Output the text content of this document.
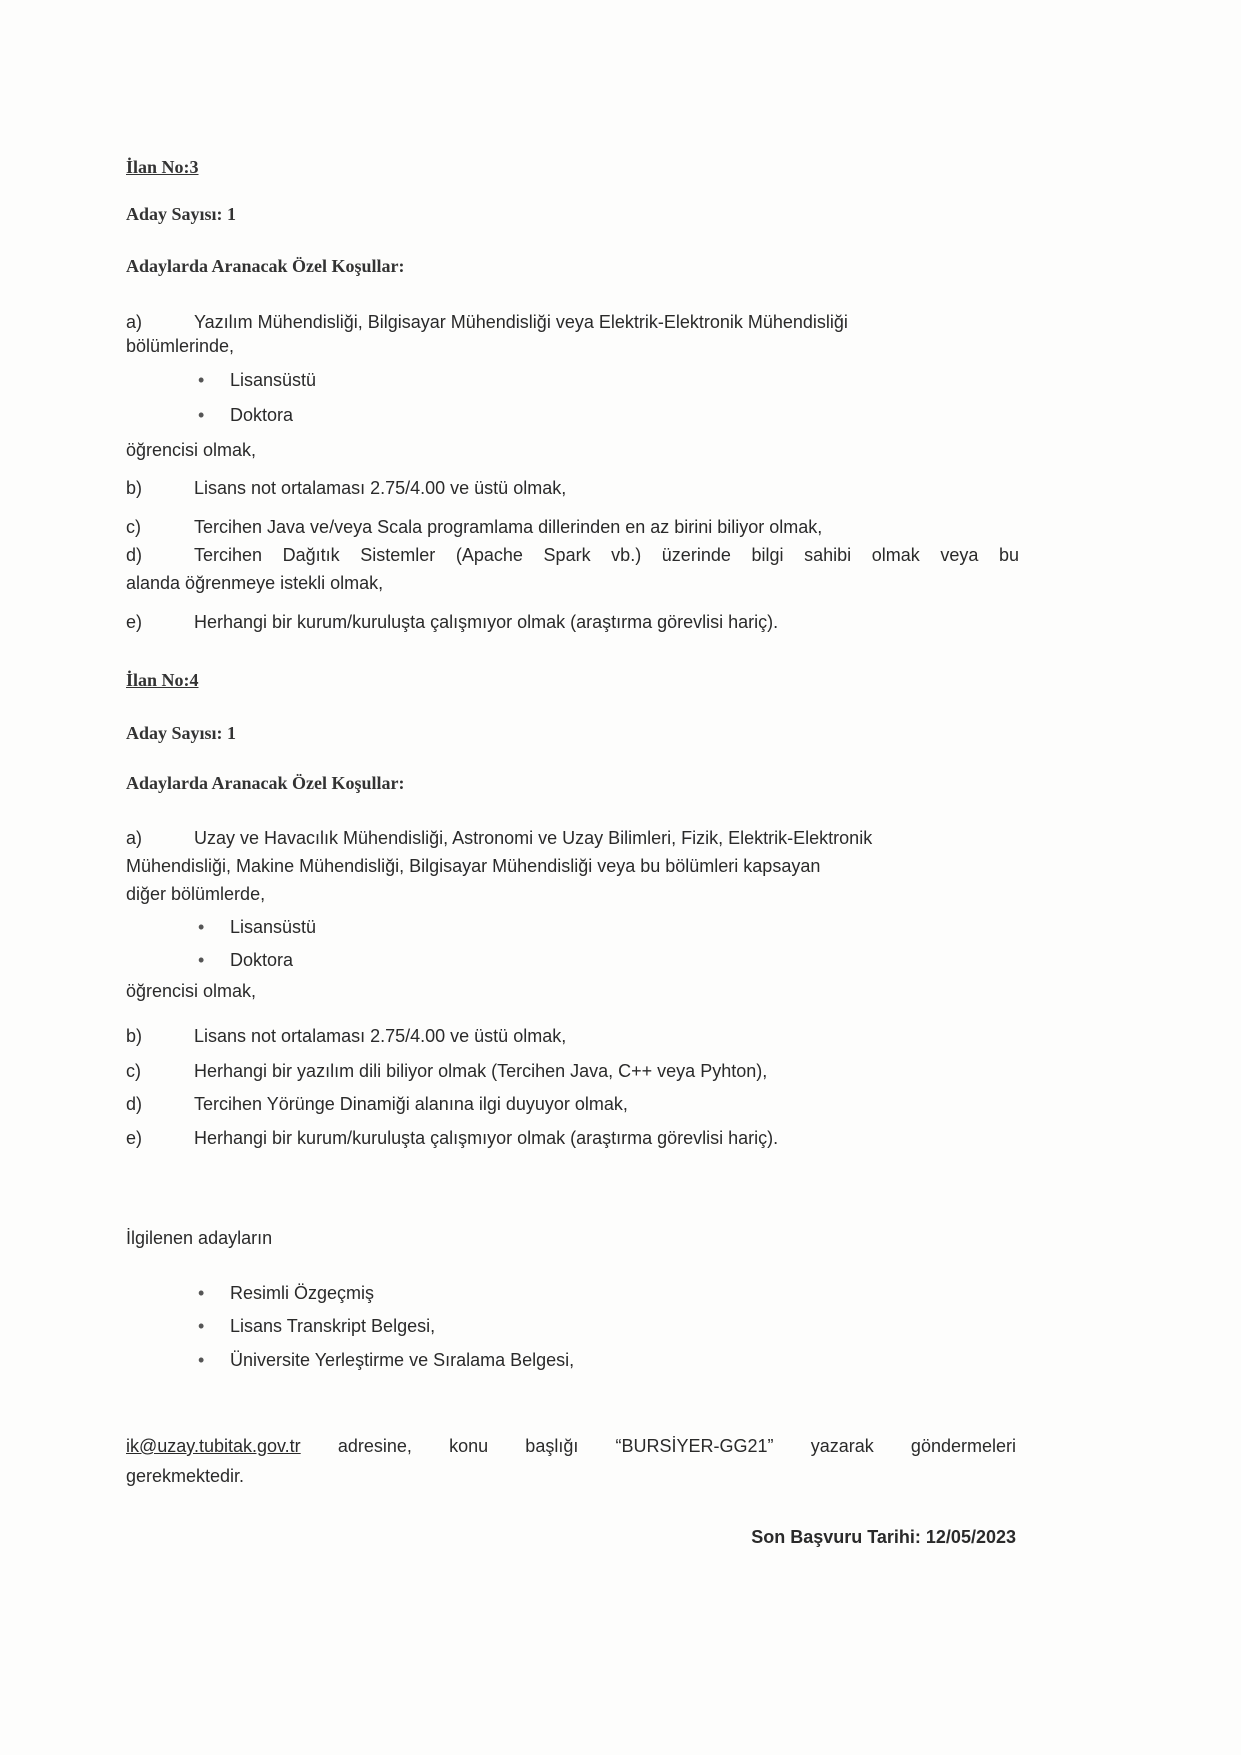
İlan No:3
Aday Sayısı: 1
Adaylarda Aranacak Özel Koşullar:
a)	Yazılım Mühendisliği, Bilgisayar Mühendisliği veya Elektrik-Elektronik Mühendisliği
bölümlerinde,
•Lisansüstü
•Doktora
öğrencisi olmak,
b)	Lisans not ortalaması 2.75/4.00 ve üstü olmak,
c)	Tercihen Java ve/veya Scala programlama dillerinden en az birini biliyor olmak,
d)	Tercihen Dağıtık Sistemler (Apache Spark vb.) üzerinde bilgi sahibi olmak veya bu
alanda öğrenmeye istekli olmak,
e)	Herhangi bir kurum/kuruluşta çalışmıyor olmak (araştırma görevlisi hariç).
İlan No:4
Aday Sayısı: 1
Adaylarda Aranacak Özel Koşullar:
a)	Uzay ve Havacılık Mühendisliği, Astronomi ve Uzay Bilimleri, Fizik, Elektrik-Elektronik
Mühendisliği, Makine Mühendisliği, Bilgisayar Mühendisliği veya bu bölümleri kapsayan
diğer bölümlerde,
•Lisansüstü
•Doktora
öğrencisi olmak,
b)	Lisans not ortalaması 2.75/4.00 ve üstü olmak,
c)	Herhangi bir yazılım dili biliyor olmak (Tercihen Java, C++ veya Pyhton),
d)	Tercihen Yörünge Dinamiği alanına ilgi duyuyor olmak,
e)	Herhangi bir kurum/kuruluşta çalışmıyor olmak (araştırma görevlisi hariç).
İlgilenen adayların
•Resimli Özgeçmiş
•Lisans Transkript Belgesi,
•Üniversite Yerleştirme ve Sıralama Belgesi,
ik@uzay.tubitak.gov.tr adresine, konu başlığı “BURSİYER-GG21” yazarak göndermeleri
gerekmektedir.
Son Başvuru Tarihi: 12/05/2023
